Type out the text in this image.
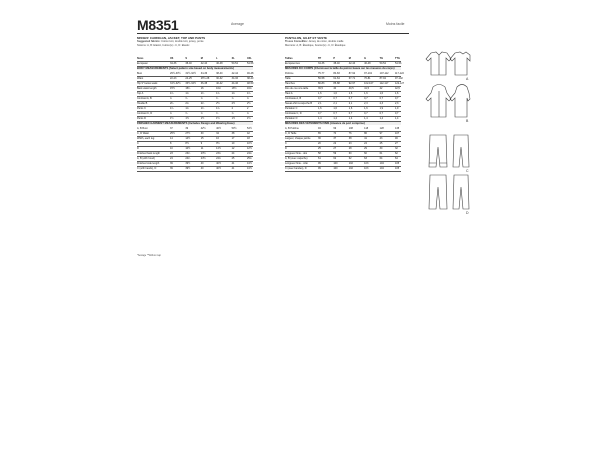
M8351	Average	Moins facile
MISSES' CARDIGAN, JACKET, TOP AND PANTS
Suggested fabrics: Cotton knit, double knit, jersey, ponte
Notions: A, B: Elastic, button(s) • C, D: Elastic
PANTALON, GILET ET VESTE
Tissus Conseillés: Jersey de coton, double maille
Mercerie: A, B: Élastique, bouton(s) • C, D: Élastique
Sizes	XS	S	M	L	XL	XXL
European	34-36	38-40	42-44	46-48	50-52	54-56
BODY MEASUREMENTS (Select pattern size based on body measurements)
Bust	29½-30½ 31½-32½ 34-36	38-40	42-44	46-48
Waist	22-23	24-25	26½-28	30-32	34-36	38-40
Hip 9" below waist	31½-32½ 33½-34½ 36-38	40-42	44-46	48-50
Back waist length	15½	15¾	16	16¼	16½	16¾
Top A	1¾	1¾	1¾	1¾	1¾	1¾
Contrast A, B	¾	¾	¾	¾	¾	¾
Hoodie B	2¼	2¼	2¼	2½	2½	2½
Pants C	1¾	1¾	1¾	1¾	2	2
Contrast C, D	¾	¾	¾	¾	¾	¾
Pants D	1½	1½	1½	1½	1½	1½
FINISHED GARMENT MEASUREMENTS (Includes Design and Wearing Ease)
A, B Bust	37	39	42½	46½	50½	54½
C, D Waist	25½	27½	30	34	38	42
Width, each leg	14	14½	15	16	17	18
C	8	8½	9	9½	10	10½
D	10	10½	11	11½	12	12½
Finished back length	23	23¼	23½	23¾	24	24¼
A, B (with hood)	24	24¼	24½	24¾	25	25¼
Finished side length	39	39½	40	40½	41	41½
C (with bands), D	39	39½	40	40½	41	41½
Tailles	TP	P	M	G	TG	TTG
Européennes	34-36	38-40	42-44	46-48	50-52	54-56
MESURES DU CORPS (Choisissez la taille du patron basée sur les mesures du corps)
Poitrine	75-77	80-83	87-92	97-102	107-112	117-122
Taille	56-58	61-64	67-71	76-81	87-92	97-102
Hanches	80-83	85-88	92-97	102-107	112-117	122-127
Dos du cou à la taille	39,5	40	40,5	41,5	42	42,5
Haut A	1,6	1,6	1,6	1,6	1,6	1,6
Contraste A, B	0,7	0,7	0,7	0,7	0,7	0,7
Sweat-shirt à capuche B 2,1	2,1	2,1	2,3	2,3	2,3
Pantalon C	1,6	1,6	1,6	1,6	1,9	1,9
Contraste C, D	0,7	0,7	0,7	0,7	0,7	0,7
Pantalon D	1,4	1,4	1,4	1,4	1,4	1,4
MESURES DES VÊTEMENTS FINIS (Aisance de port comprise)
A, B Poitrine	94	99	108	118	128	138
C, D Taille	65	70	76	86	97	107
Largeur, chaque jambe	36	37	38	41	43	46
C	20	22	23	24	25	27
D	25	27	28	29	30	32
Longueur finie - dos	58	59	60	60	61	62
A, B (avec capuche)	61	62	62	63	64	64
Longueur finie - côté	99	100	102	103	104	105
C (avec bandes), D	99	100	102	103	104	105
*Selvage **Without nap
A
B
C
D
